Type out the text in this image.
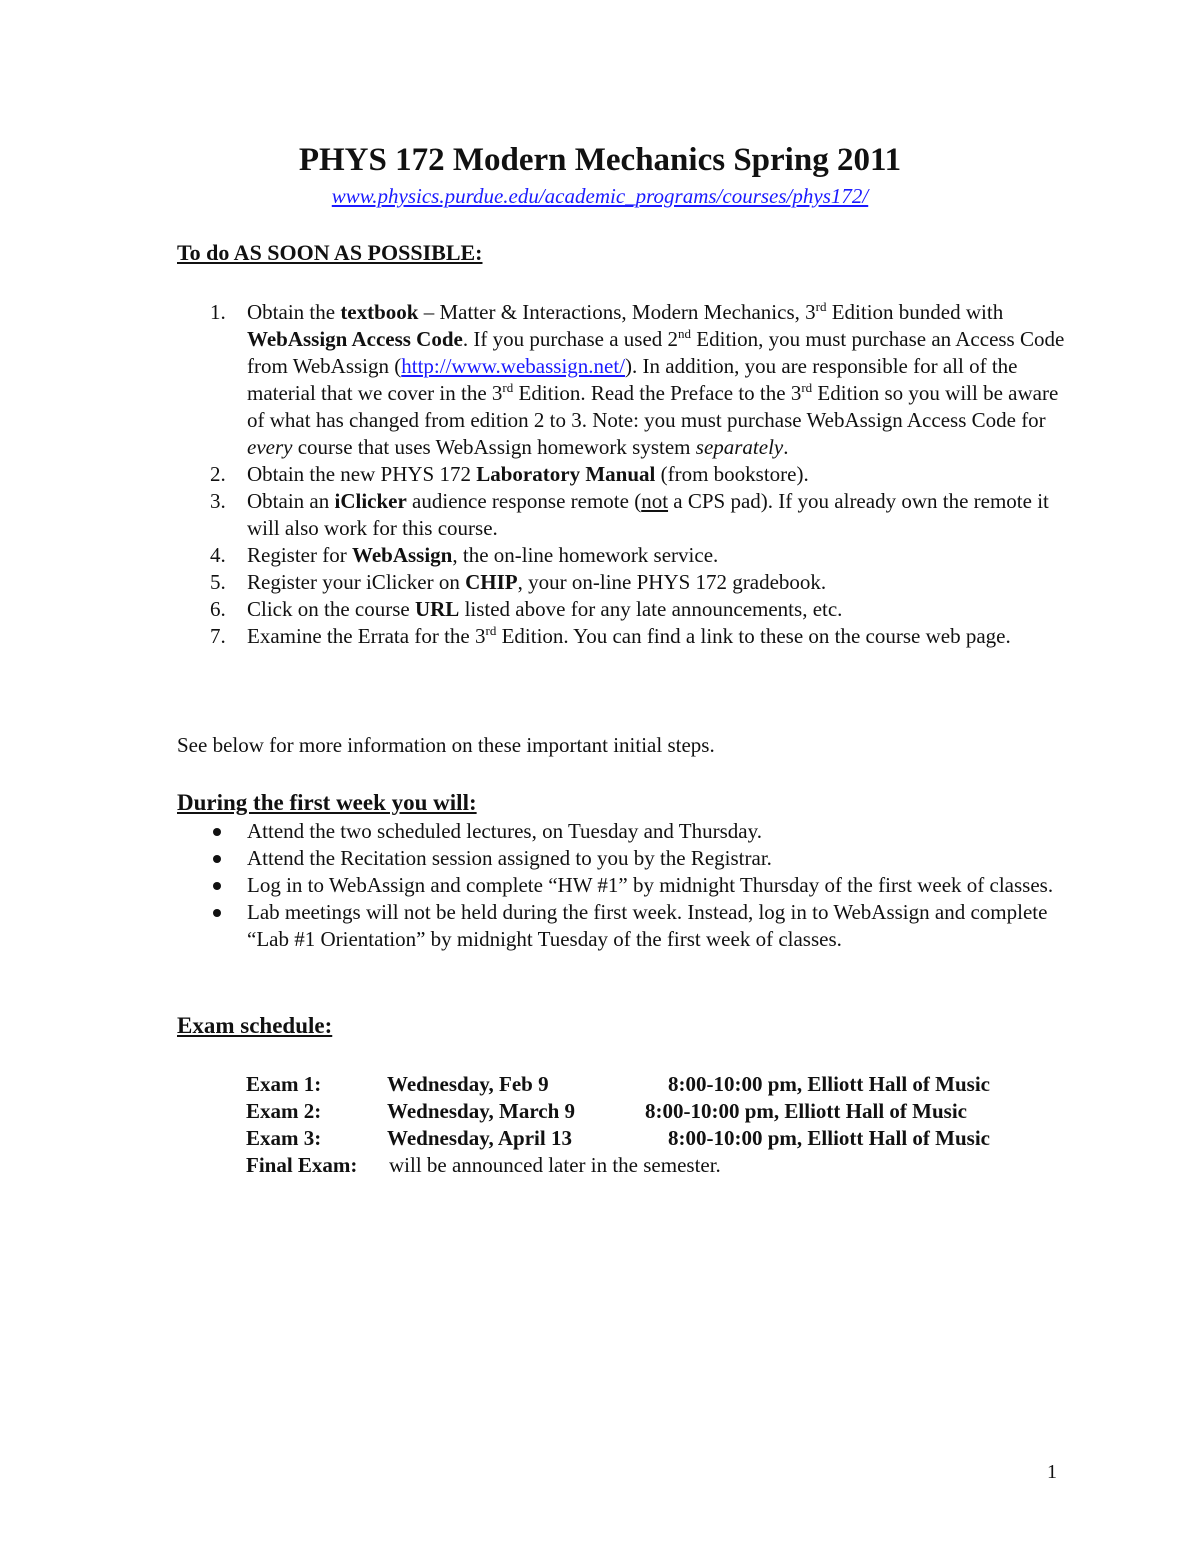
PHYS 172 Modern Mechanics Spring 2011
www.physics.purdue.edu/academic_programs/courses/phys172/
To do AS SOON AS POSSIBLE:
1. Obtain the textbook – Matter & Interactions, Modern Mechanics, 3rd Edition bunded with WebAssign Access Code. If you purchase a used 2nd Edition, you must purchase an Access Code from WebAssign (http://www.webassign.net/). In addition, you are responsible for all of the material that we cover in the 3rd Edition. Read the Preface to the 3rd Edition so you will be aware of what has changed from edition 2 to 3. Note: you must purchase WebAssign Access Code for every course that uses WebAssign homework system separately.
2. Obtain the new PHYS 172 Laboratory Manual (from bookstore).
3. Obtain an iClicker audience response remote (not a CPS pad). If you already own the remote it will also work for this course.
4. Register for WebAssign, the on-line homework service.
5. Register your iClicker on CHIP, your on-line PHYS 172 gradebook.
6. Click on the course URL listed above for any late announcements, etc.
7. Examine the Errata for the 3rd Edition. You can find a link to these on the course web page.
See below for more information on these important initial steps.
During the first week you will:
Attend the two scheduled lectures, on Tuesday and Thursday.
Attend the Recitation session assigned to you by the Registrar.
Log in to WebAssign and complete “HW #1” by midnight Thursday of the first week of classes.
Lab meetings will not be held during the first week. Instead, log in to WebAssign and complete “Lab #1 Orientation” by midnight Tuesday of the first week of classes.
Exam schedule:
Exam 1:	Wednesday, Feb 9	8:00-10:00 pm, Elliott Hall of Music
Exam 2:	Wednesday, March 9	8:00-10:00 pm, Elliott Hall of Music
Exam 3:	Wednesday, April 13	8:00-10:00 pm, Elliott Hall of Music
Final Exam: will be announced later in the semester.
1
